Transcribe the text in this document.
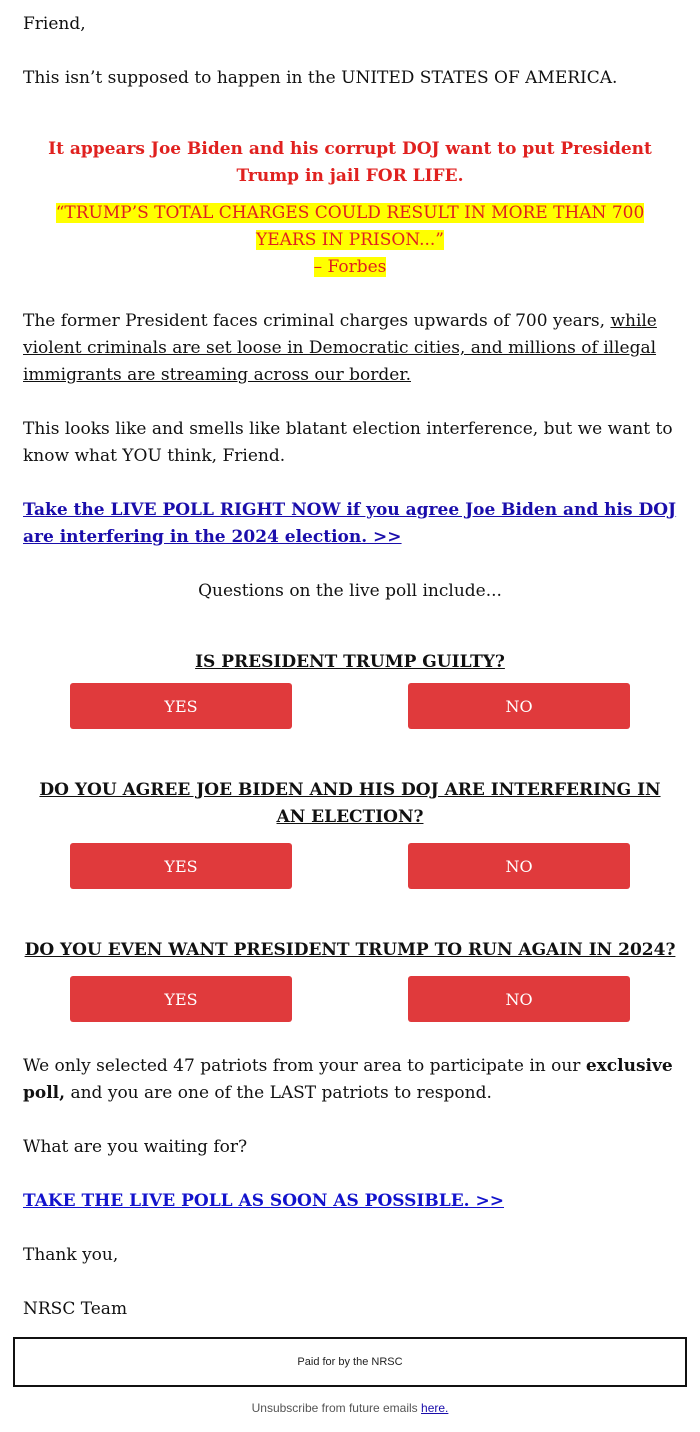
Friend,

This isn’t supposed to happen in the UNITED STATES OF AMERICA.

It appears Joe Biden and his corrupt DOJ want to put President Trump in jail FOR LIFE.

“TRUMP’S TOTAL CHARGES COULD RESULT IN MORE THAN 700 YEARS IN PRISON...”
– Forbes

The former President faces criminal charges upwards of 700 years, while violent criminals are set loose in Democratic cities, and millions of illegal immigrants are streaming across our border.

This looks like and smells like blatant election interference, but we want to know what YOU think, Friend.

Take the LIVE POLL RIGHT NOW if you agree Joe Biden and his DOJ are interfering in the 2024 election. >>

Questions on the live poll include...

IS PRESIDENT TRUMP GUILTY?

DO YOU AGREE JOE BIDEN AND HIS DOJ ARE INTERFERING IN AN ELECTION?

DO YOU EVEN WANT PRESIDENT TRUMP TO RUN AGAIN IN 2024?

We only selected 47 patriots from your area to participate in our exclusive poll, and you are one of the LAST patriots to respond.

What are you waiting for?

TAKE THE LIVE POLL AS SOON AS POSSIBLE. >>

Thank you,

NRSC Team

YES	NO
YES	NO
YES	NO
Paid for by the NRSC
Unsubscribe from future emails here.
